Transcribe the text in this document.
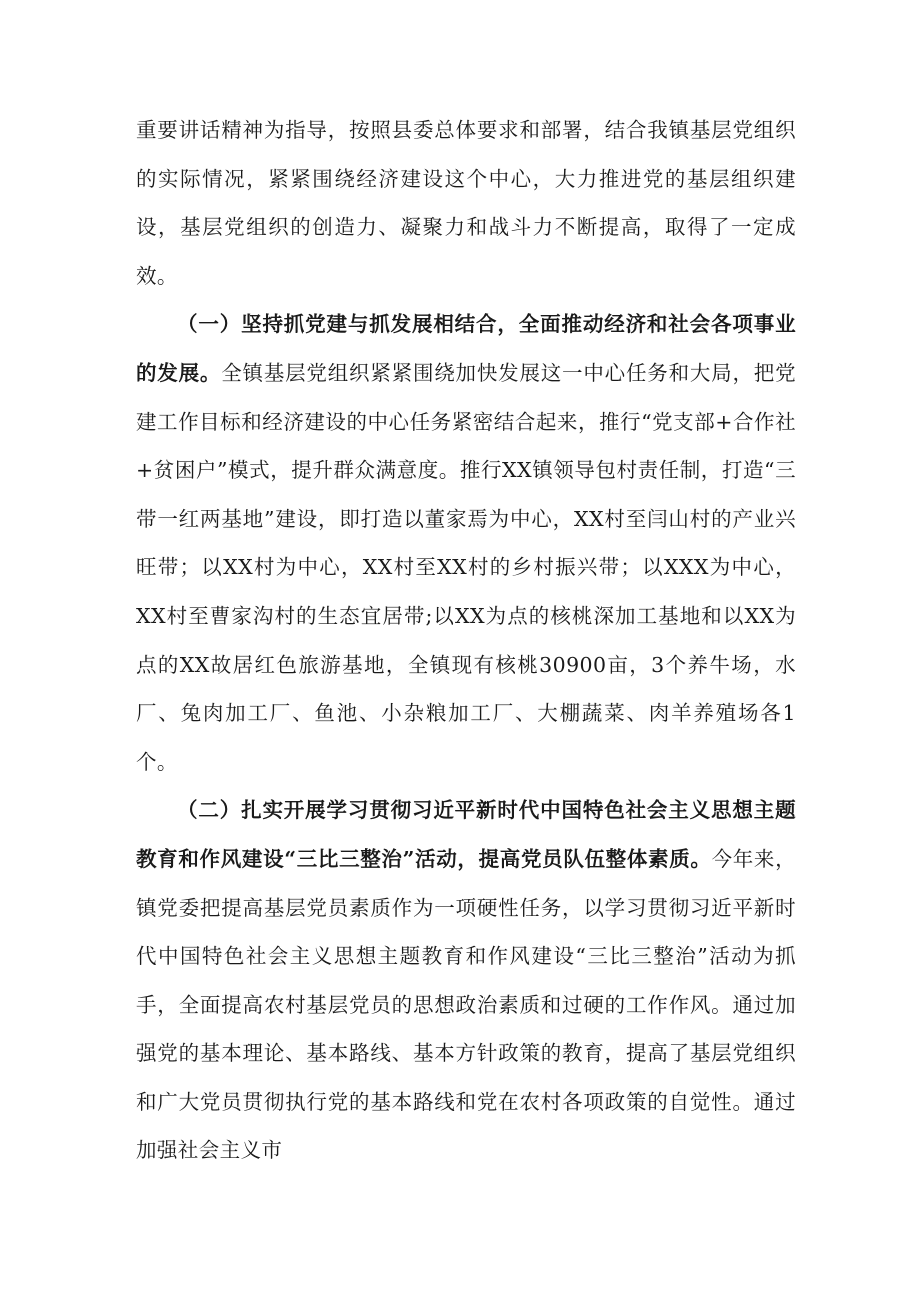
重要讲话精神为指导，按照县委总体要求和部署，结合我镇基层党组织的实际情况，紧紧围绕经济建设这个中心，大力推进党的基层组织建设，基层党组织的创造力、凝聚力和战斗力不断提高，取得了一定成效。

（一）坚持抓党建与抓发展相结合，全面推动经济和社会各项事业的发展。全镇基层党组织紧紧围绕加快发展这一中心任务和大局，把党建工作目标和经济建设的中心任务紧密结合起来，推行“党支部+合作社+贫困户”模式，提升群众满意度。推行XX镇领导包村责任制，打造“三带一红两基地”建设，即打造以董家焉为中心，XX村至闫山村的产业兴旺带；以XX村为中心，XX村至XX村的乡村振兴带；以XXX为中心，XX村至曹家沟村的生态宜居带;以XX为点的核桃深加工基地和以XX为点的XX故居红色旅游基地，全镇现有核桃30900亩，3个养牛场，水厂、兔肉加工厂、鱼池、小杂粮加工厂、大棚蔬菜、肉羊养殖场各1个。

（二）扎实开展学习贯彻习近平新时代中国特色社会主义思想主题教育和作风建设“三比三整治”活动，提高党员队伍整体素质。今年来，镇党委把提高基层党员素质作为一项硬性任务，以学习贯彻习近平新时代中国特色社会主义思想主题教育和作风建设“三比三整治”活动为抓手，全面提高农村基层党员的思想政治素质和过硬的工作作风。通过加强党的基本理论、基本路线、基本方针政策的教育，提高了基层党组织和广大党员贯彻执行党的基本路线和党在农村各项政策的自觉性。通过加强社会主义市
